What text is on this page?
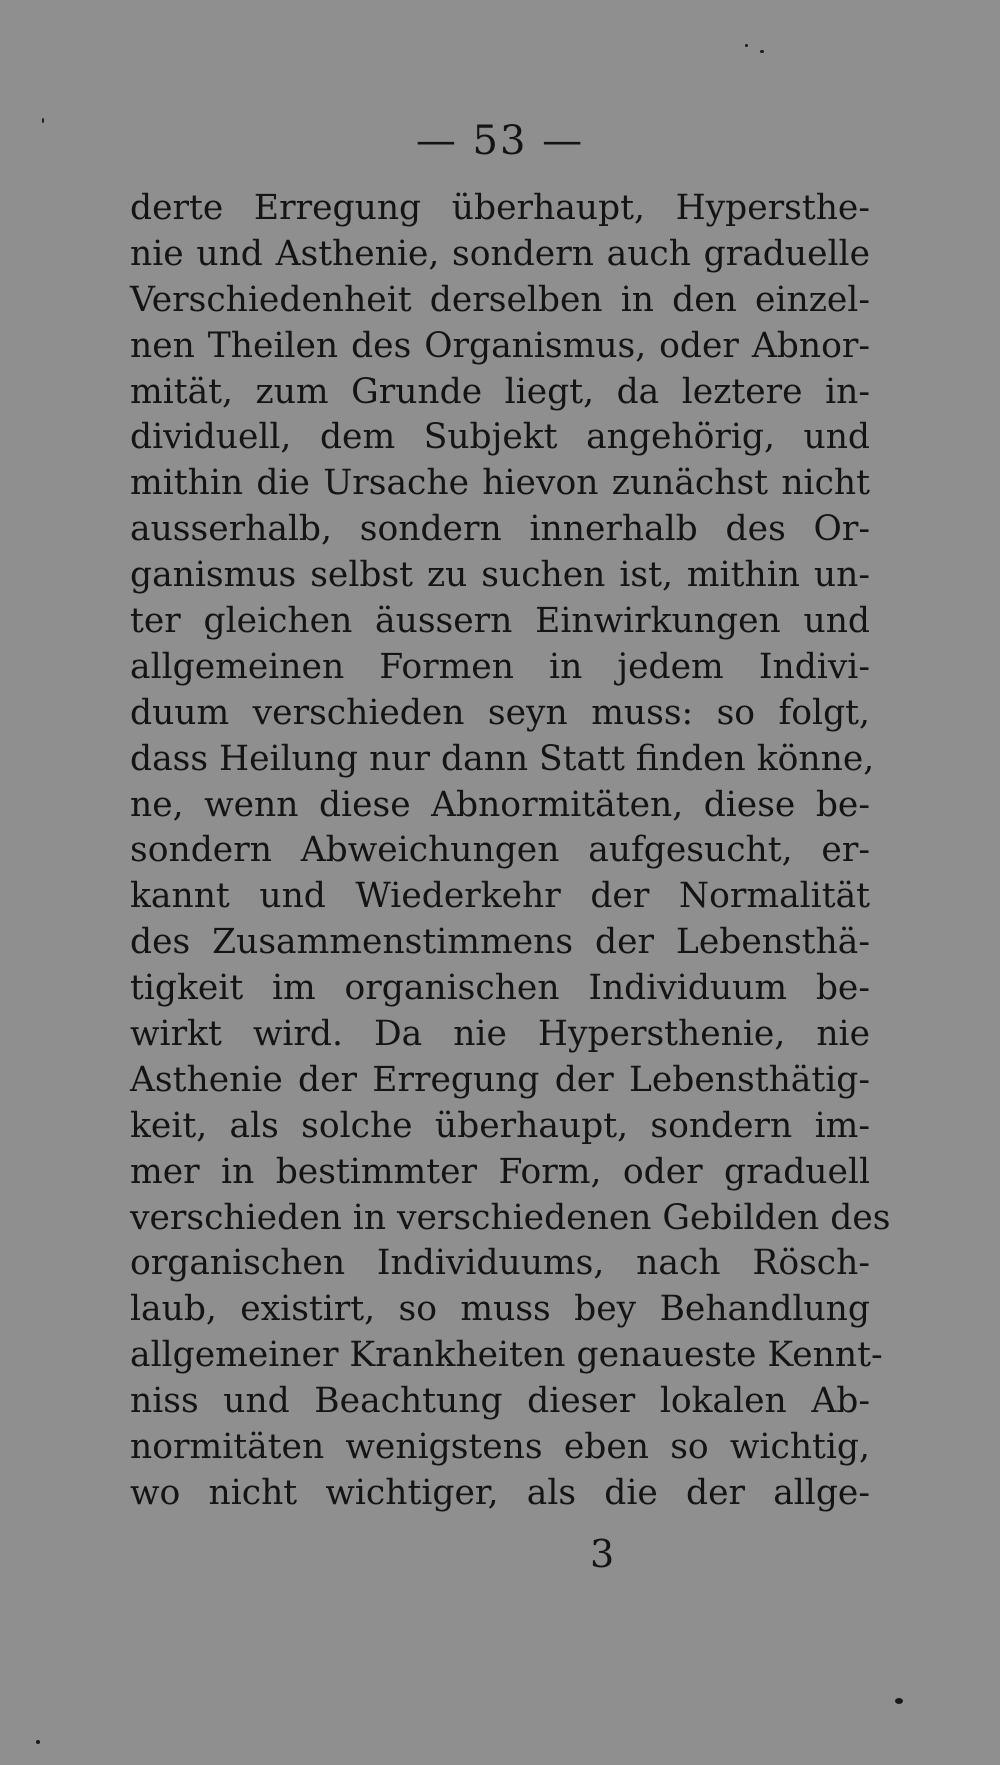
— 53 —
derte Erregung überhaupt, Hypersthe-
nie und Asthenie, sondern auch graduelle
Verschiedenheit derselben in den einzel-
nen Theilen des Organismus, oder Abnor-
mität, zum Grunde liegt, da leztere in-
dividuell, dem Subjekt angehörig, und
mithin die Ursache hievon zunächst nicht
ausserhalb, sondern innerhalb des Or-
ganismus selbst zu suchen ist, mithin un-
ter gleichen äussern Einwirkungen und
allgemeinen Formen in jedem Indivi-
duum verschieden seyn muss: so folgt,
dass Heilung nur dann Statt finden könne,
ne, wenn diese Abnormitäten, diese be-
sondern Abweichungen aufgesucht, er-
kannt und Wiederkehr der Normalität
des Zusammenstimmens der Lebensthä-
tigkeit im organischen Individuum be-
wirkt wird. Da nie Hypersthenie, nie
Asthenie der Erregung der Lebensthätig-
keit, als solche überhaupt, sondern im-
mer in bestimmter Form, oder graduell
verschieden in verschiedenen Gebilden des
organischen Individuums, nach Rösch-
laub, existirt, so muss bey Behandlung
allgemeiner Krankheiten genaueste Kennt-
niss und Beachtung dieser lokalen Ab-
normitäten wenigstens eben so wichtig,
wo nicht wichtiger, als die der allge-
3
